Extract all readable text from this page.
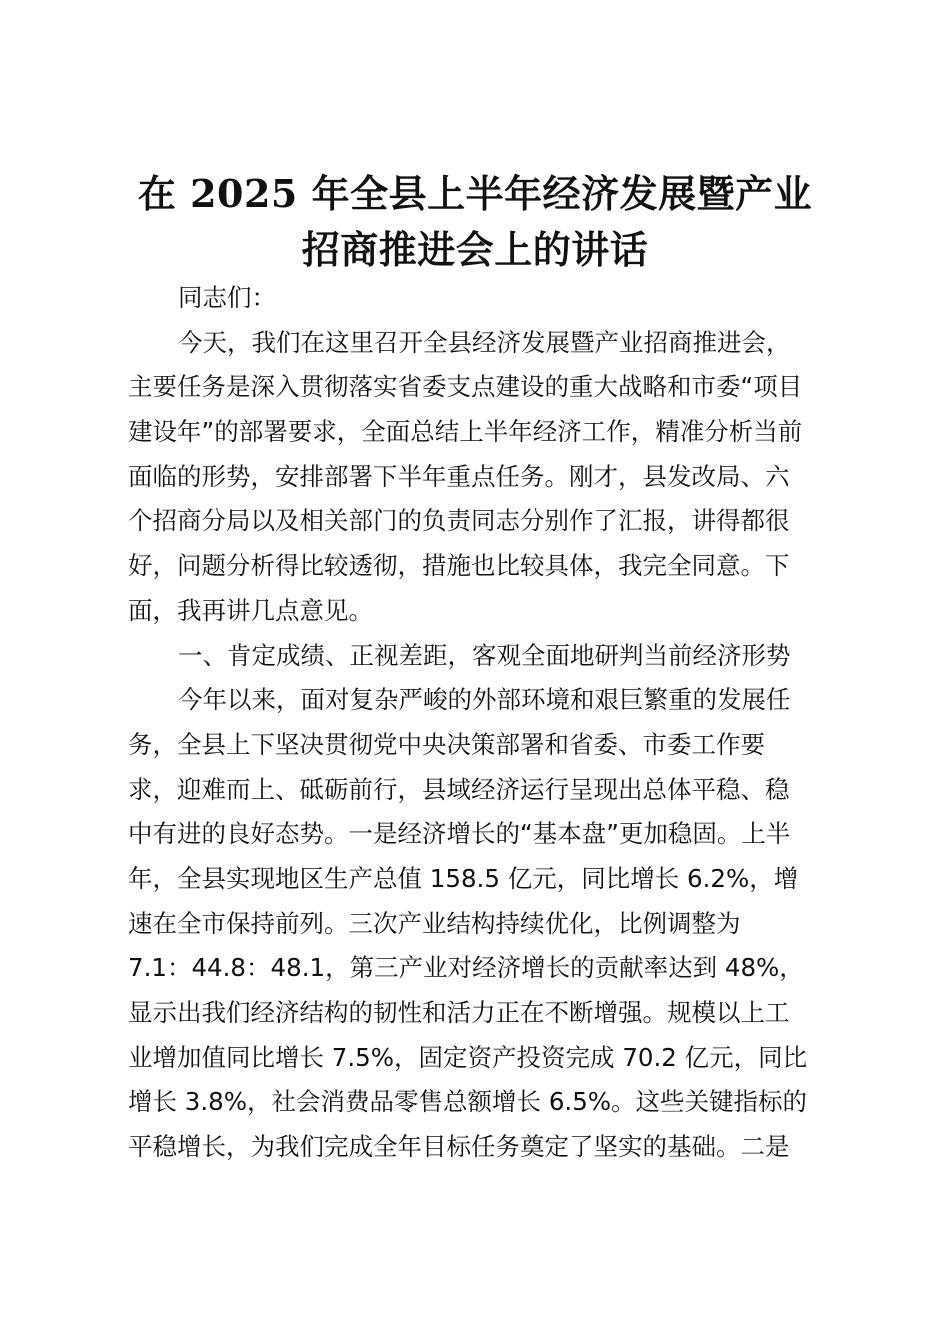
在 2025 年全县上半年经济发展暨产业
招商推进会上的讲话
同志们：
今天，我们在这里召开全县经济发展暨产业招商推进会，
主要任务是深入贯彻落实省委支点建设的重大战略和市委“项目
建设年”的部署要求，全面总结上半年经济工作，精准分析当前
面临的形势，安排部署下半年重点任务。刚才，县发改局、六
个招商分局以及相关部门的负责同志分别作了汇报，讲得都很
好，问题分析得比较透彻，措施也比较具体，我完全同意。下
面，我再讲几点意见。
一、肯定成绩、正视差距，客观全面地研判当前经济形势
今年以来，面对复杂严峻的外部环境和艰巨繁重的发展任
务，全县上下坚决贯彻党中央决策部署和省委、市委工作要
求，迎难而上、砥砺前行，县域经济运行呈现出总体平稳、稳
中有进的良好态势。一是经济增长的“基本盘”更加稳固。上半
年，全县实现地区生产总值 158.5 亿元，同比增长 6.2%，增
速在全市保持前列。三次产业结构持续优化，比例调整为
7.1：44.8：48.1，第三产业对经济增长的贡献率达到 48%，
显示出我们经济结构的韧性和活力正在不断增强。规模以上工
业增加值同比增长 7.5%，固定资产投资完成 70.2 亿元，同比
增长 3.8%，社会消费品零售总额增长 6.5%。这些关键指标的
平稳增长，为我们完成全年目标任务奠定了坚实的基础。二是
